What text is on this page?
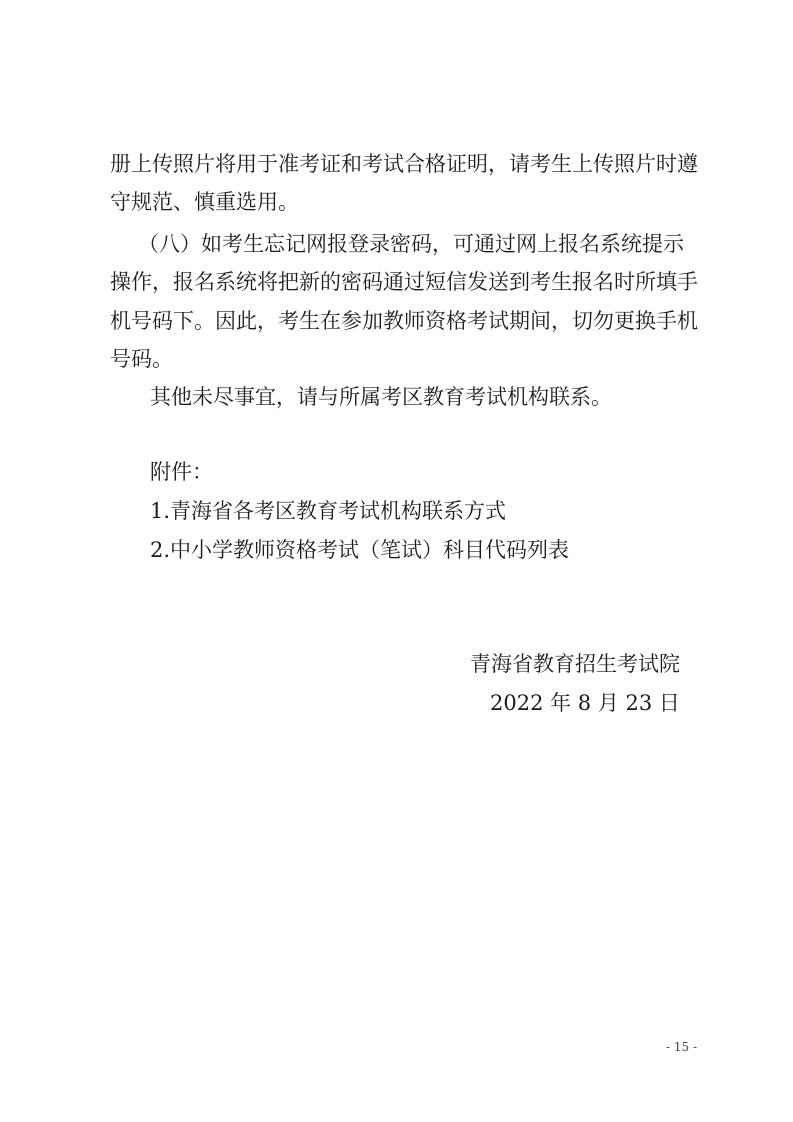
册上传照片将用于准考证和考试合格证明，请考生上传照片时遵
守规范、慎重选用。
（八）如考生忘记网报登录密码，可通过网上报名系统提示
操作，报名系统将把新的密码通过短信发送到考生报名时所填手
机号码下。因此，考生在参加教师资格考试期间，切勿更换手机
号码。
其他未尽事宜，请与所属考区教育考试机构联系。
附件：
1.青海省各考区教育考试机构联系方式
2.中小学教师资格考试（笔试）科目代码列表
青海省教育招生考试院
2022 年 8 月 23 日
- 15 -
